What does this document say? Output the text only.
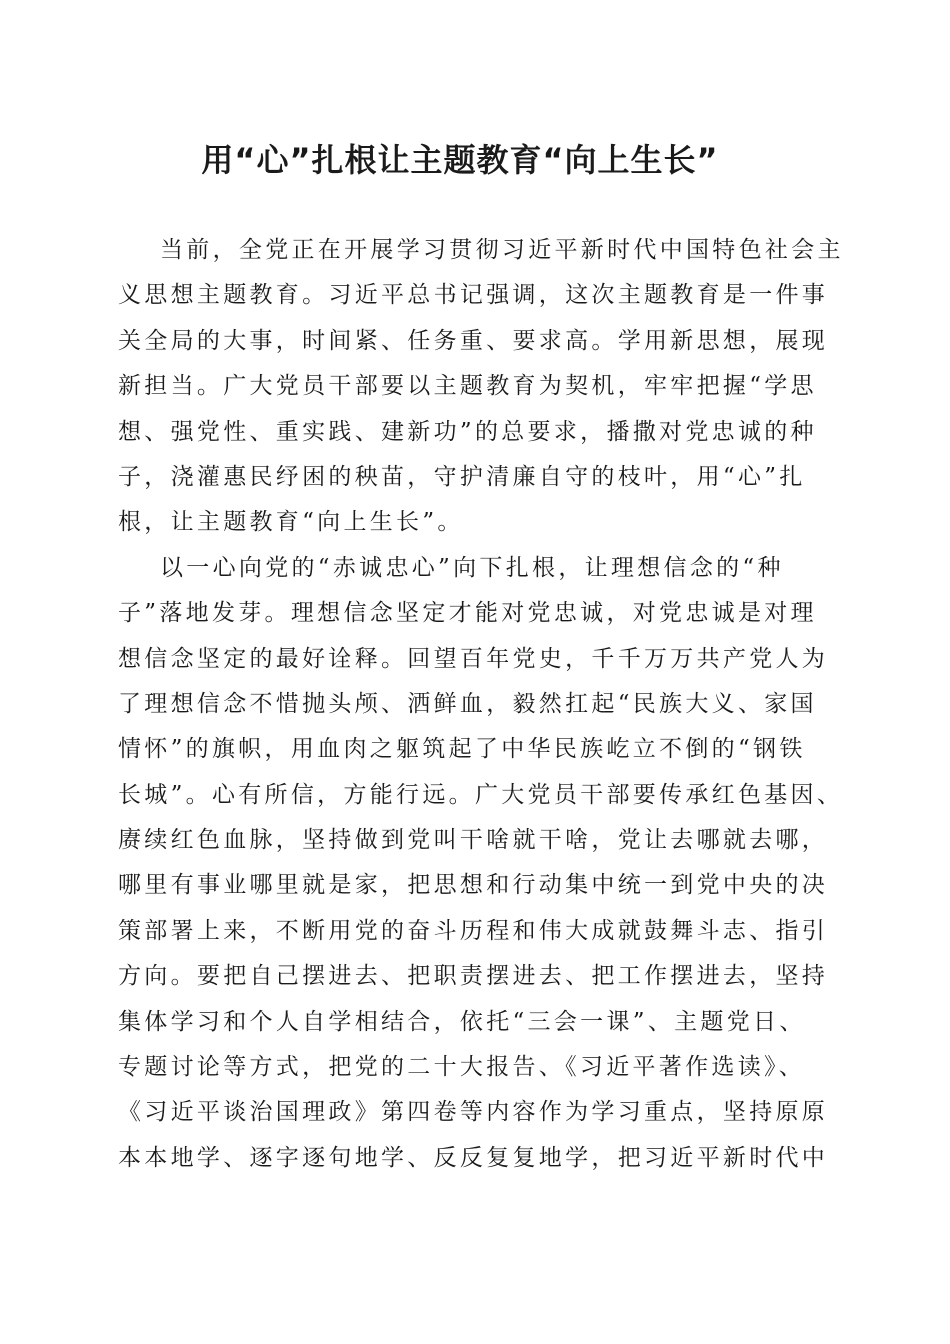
用“心”扎根让主题教育“向上生长”
当前，全党正在开展学习贯彻习近平新时代中国特色社会主
义思想主题教育。习近平总书记强调，这次主题教育是一件事
关全局的大事，时间紧、任务重、要求高。学用新思想，展现
新担当。广大党员干部要以主题教育为契机，牢牢把握“学思
想、强党性、重实践、建新功”的总要求，播撒对党忠诚的种
子，浇灌惠民纾困的秧苗，守护清廉自守的枝叶，用“心”扎
根，让主题教育“向上生长”。
以一心向党的“赤诚忠心”向下扎根，让理想信念的“种
子”落地发芽。理想信念坚定才能对党忠诚，对党忠诚是对理
想信念坚定的最好诠释。回望百年党史，千千万万共产党人为
了理想信念不惜抛头颅、洒鲜血，毅然扛起“民族大义、家国
情怀”的旗帜，用血肉之躯筑起了中华民族屹立不倒的“钢铁
长城”。心有所信，方能行远。广大党员干部要传承红色基因、
赓续红色血脉，坚持做到党叫干啥就干啥，党让去哪就去哪，
哪里有事业哪里就是家，把思想和行动集中统一到党中央的决
策部署上来，不断用党的奋斗历程和伟大成就鼓舞斗志、指引
方向。要把自己摆进去、把职责摆进去、把工作摆进去，坚持
集体学习和个人自学相结合，依托“三会一课”、主题党日、
专题讨论等方式，把党的二十大报告、《习近平著作选读》、
《习近平谈治国理政》第四卷等内容作为学习重点，坚持原原
本本地学、逐字逐句地学、反反复复地学，把习近平新时代中
